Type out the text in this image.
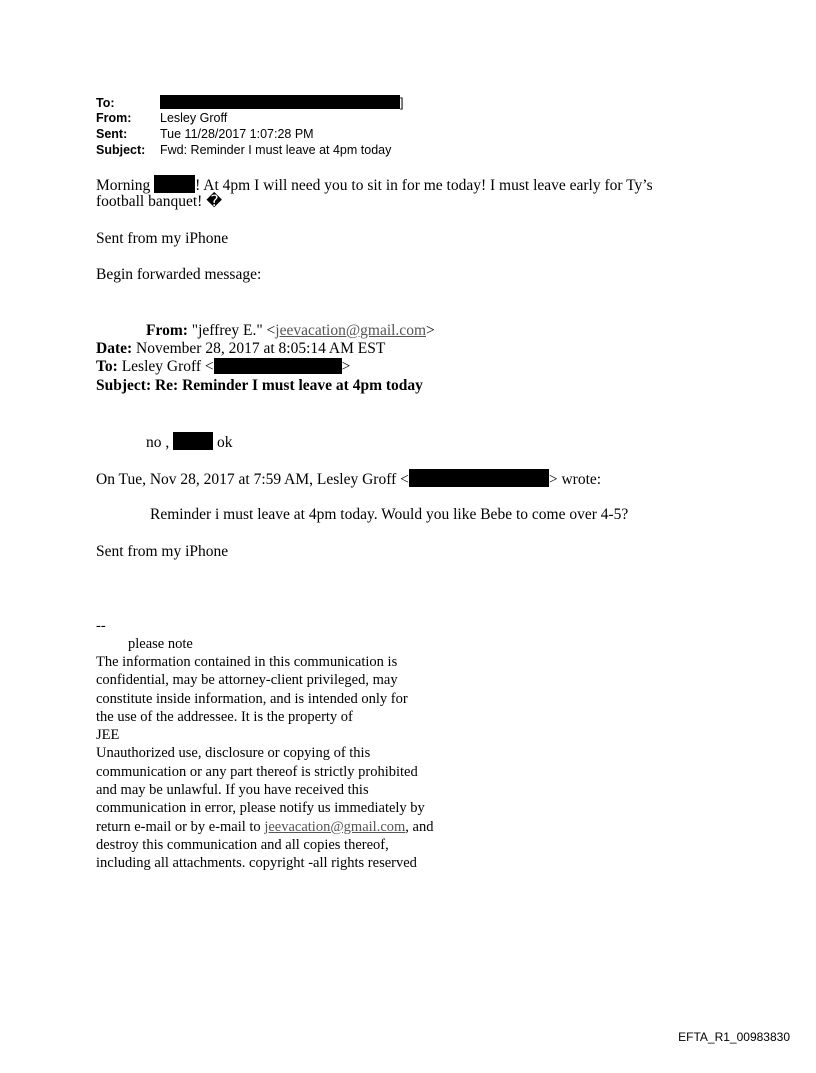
To:	]
From: Lesley Groff
Sent:	Tue 11/28/2017 1:07:28 PM
Subject: Fwd: Reminder I must leave at 4pm today
Morning	! At 4pm I will need you to sit in for me today! I must leave early for Ty’s
football banquet! �
Sent from my iPhone
Begin forwarded message:
From: "jeffrey E." <jeevacation@gmail.com>
Date: November 28, 2017 at 8:05:14 AM EST
To: Lesley Groff <	>
Subject: Re: Reminder I must leave at 4pm today
no ,	ok
On Tue, Nov 28, 2017 at 7:59 AM, Lesley Groff <	> wrote:
Reminder i must leave at 4pm today. Would you like Bebe to come over 4-5?
Sent from my iPhone
--
please note
The information contained in this communication is
confidential, may be attorney-client privileged, may
constitute inside information, and is intended only for
the use of the addressee. It is the property of
JEE
Unauthorized use, disclosure or copying of this
communication or any part thereof is strictly prohibited
and may be unlawful. If you have received this
communication in error, please notify us immediately by
return e-mail or by e-mail to jeevacation@gmail.com, and
destroy this communication and all copies thereof,
including all attachments. copyright -all rights reserved
EFTA_R1_00983830
